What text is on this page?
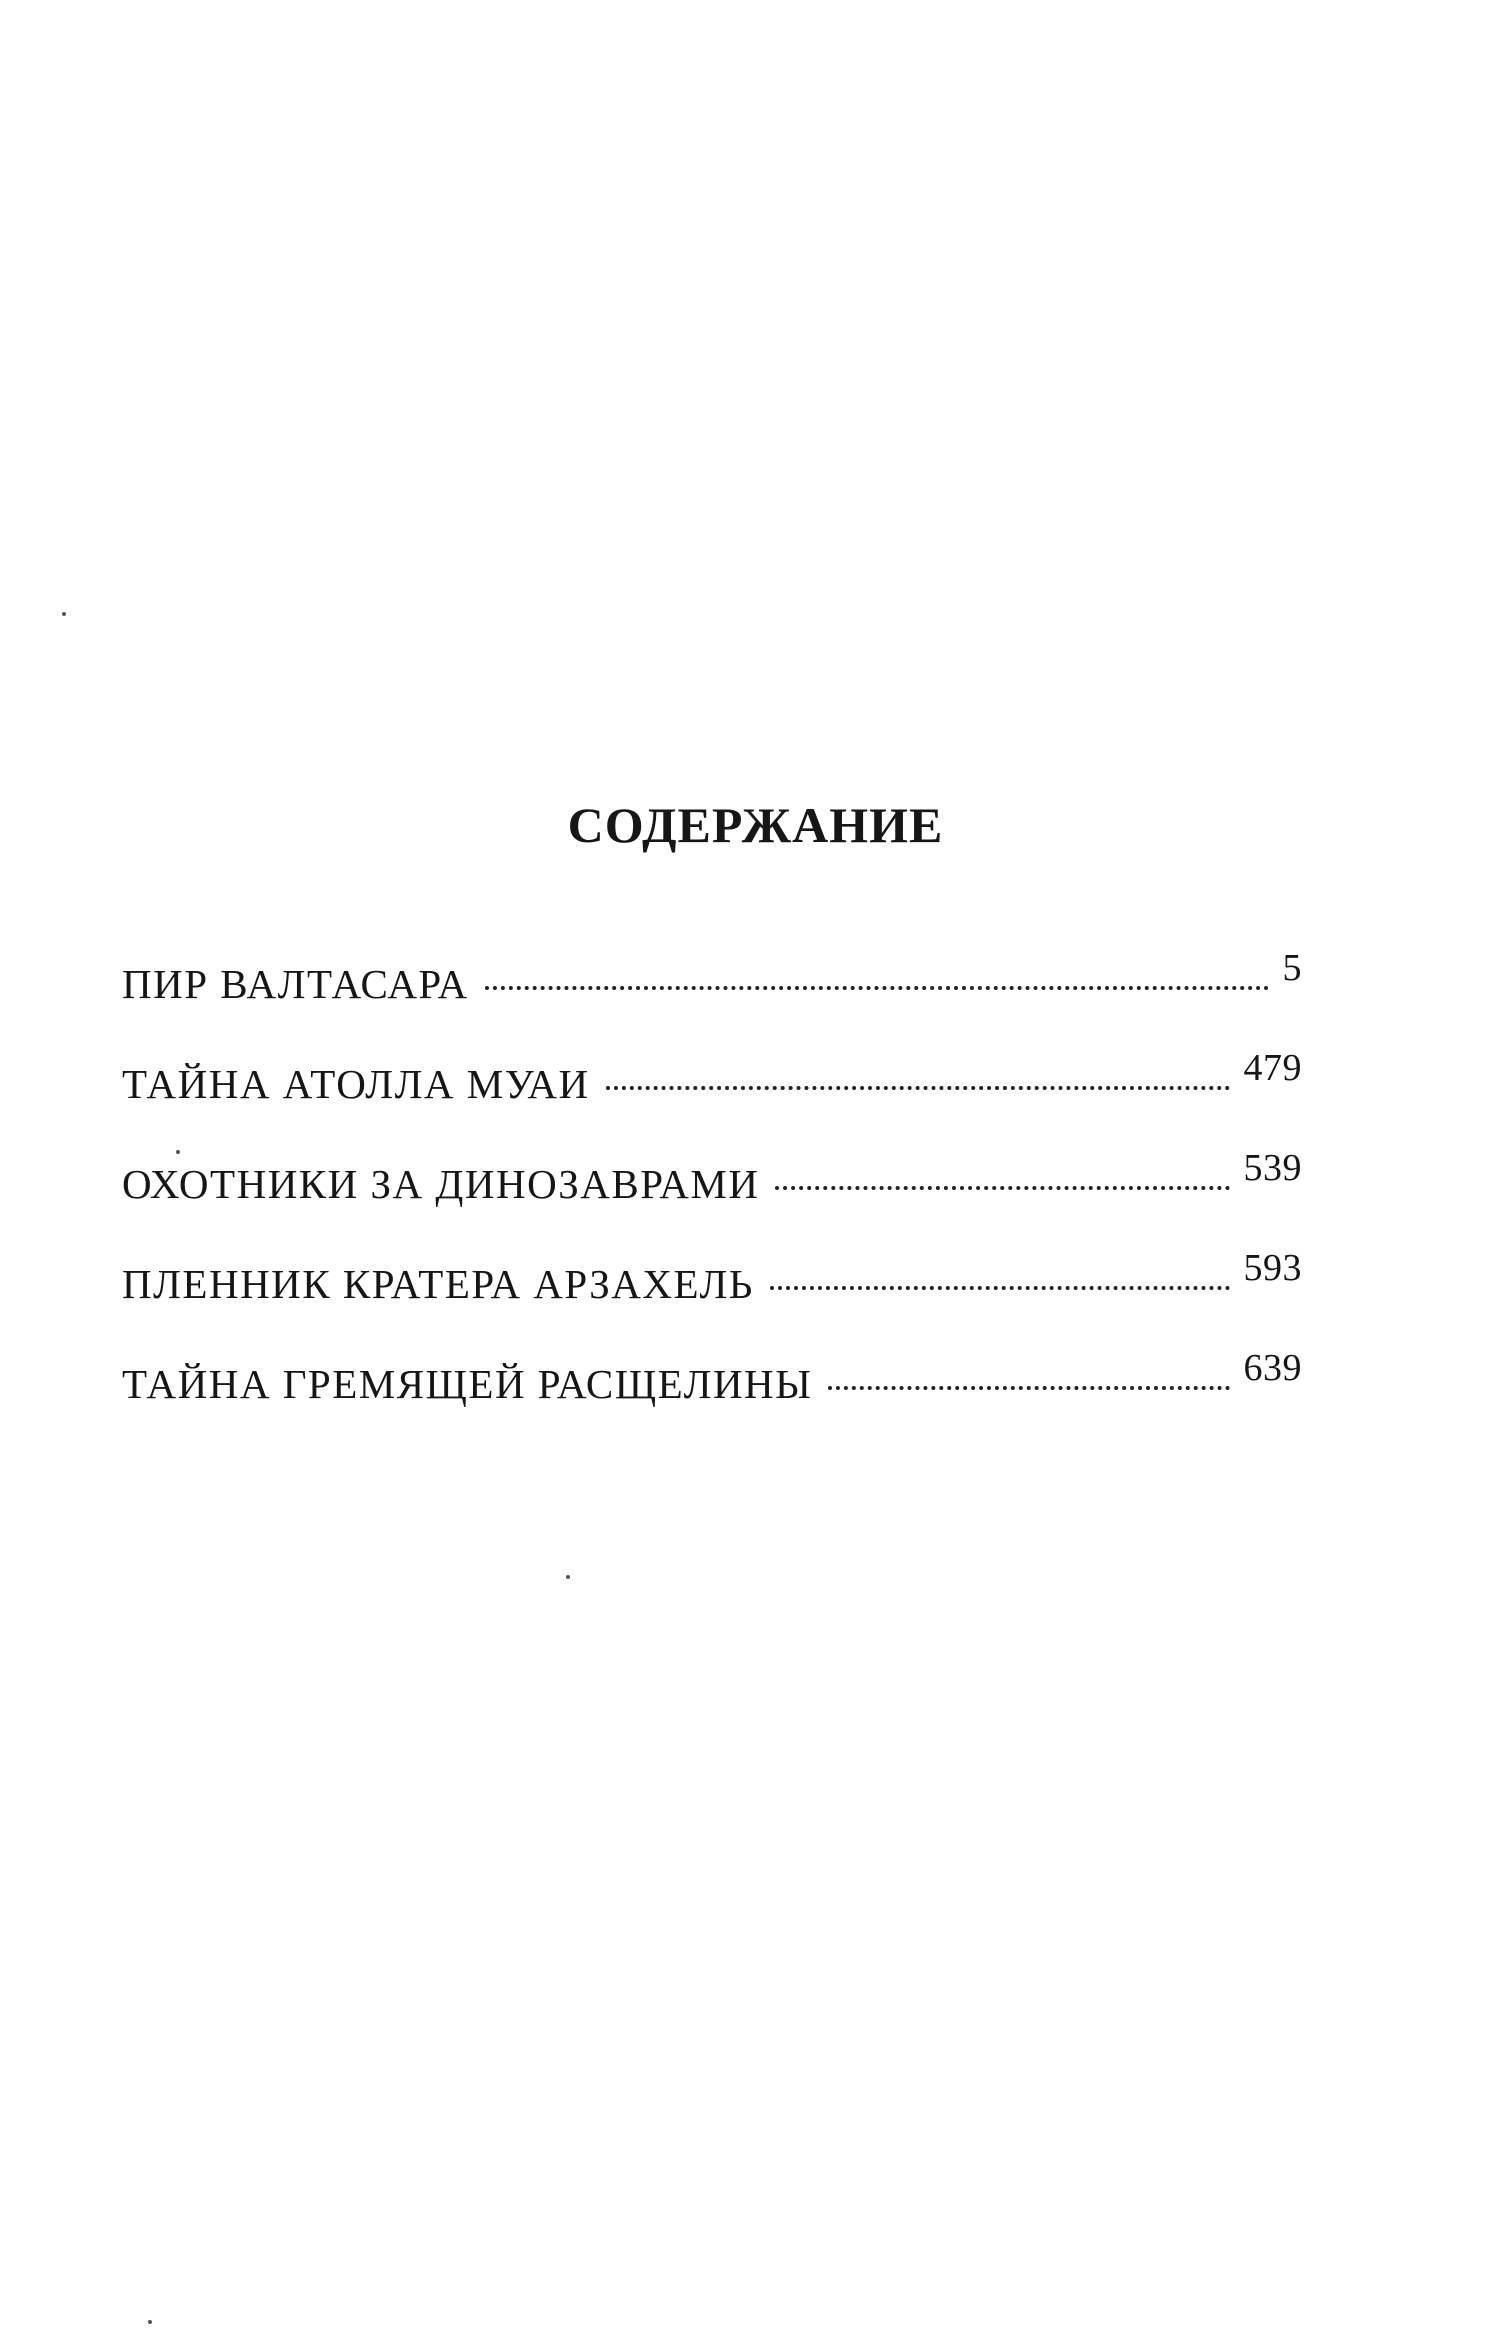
СОДЕРЖАНИЕ
ПИР ВАЛТАСАРА	5
ТАЙНА АТОЛЛА МУАИ	479
ОХОТНИКИ ЗА ДИНОЗАВРАМИ	539
ПЛЕННИК КРАТЕРА АРЗАХЕЛЬ	593
ТАЙНА ГРЕМЯЩЕЙ РАСЩЕЛИНЫ	639
